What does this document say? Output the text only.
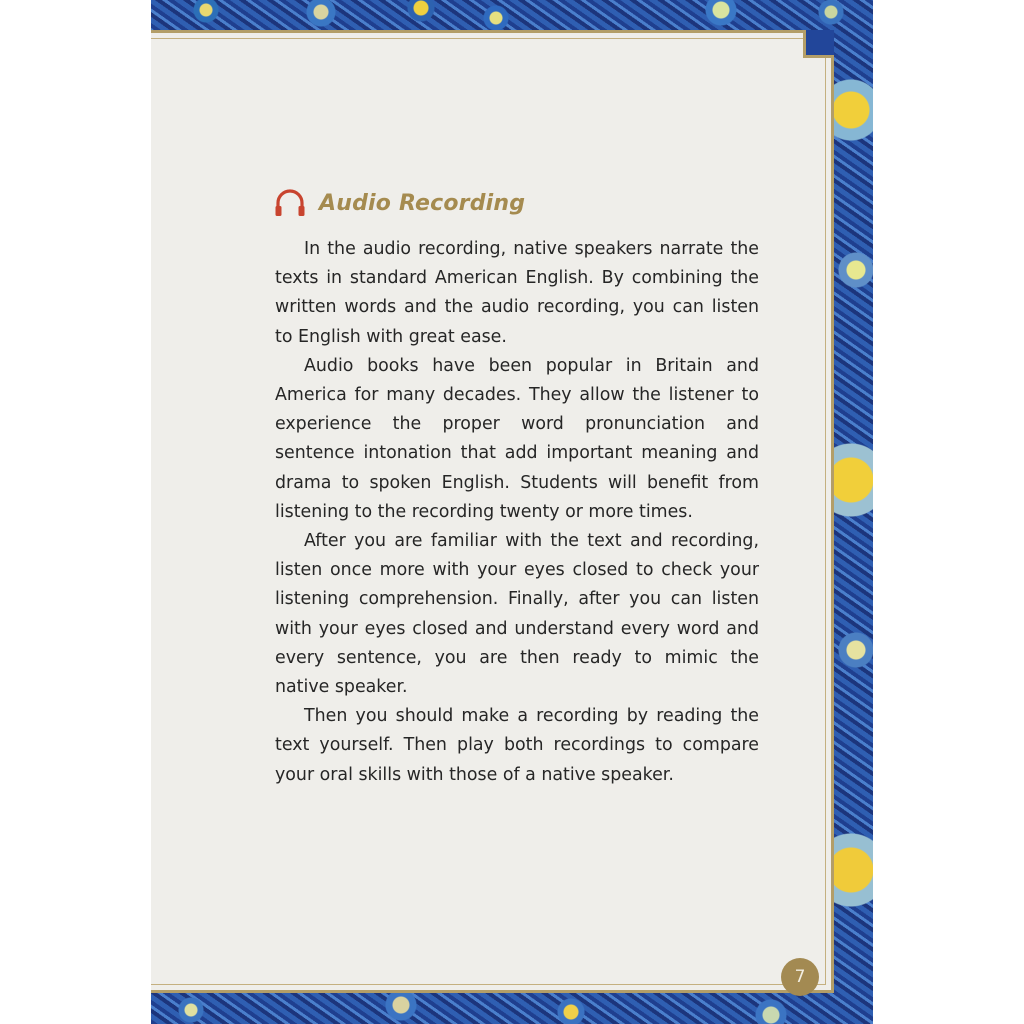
Audio Recording

In the audio recording, native speakers narrate the texts in standard American English. By combining the written words and the audio recording, you can listen to English with great ease.

Audio books have been popular in Britain and America for many decades. They allow the listener to experience the proper word pronunciation and sentence intonation that add important meaning and drama to spoken English. Students will benefit from listening to the recording twenty or more times.

After you are familiar with the text and recording, listen once more with your eyes closed to check your listening comprehension. Finally, after you can listen with your eyes closed and understand every word and every sentence, you are then ready to mimic the native speaker.

Then you should make a recording by reading the text yourself. Then play both recordings to compare your oral skills with those of a native speaker.

7
